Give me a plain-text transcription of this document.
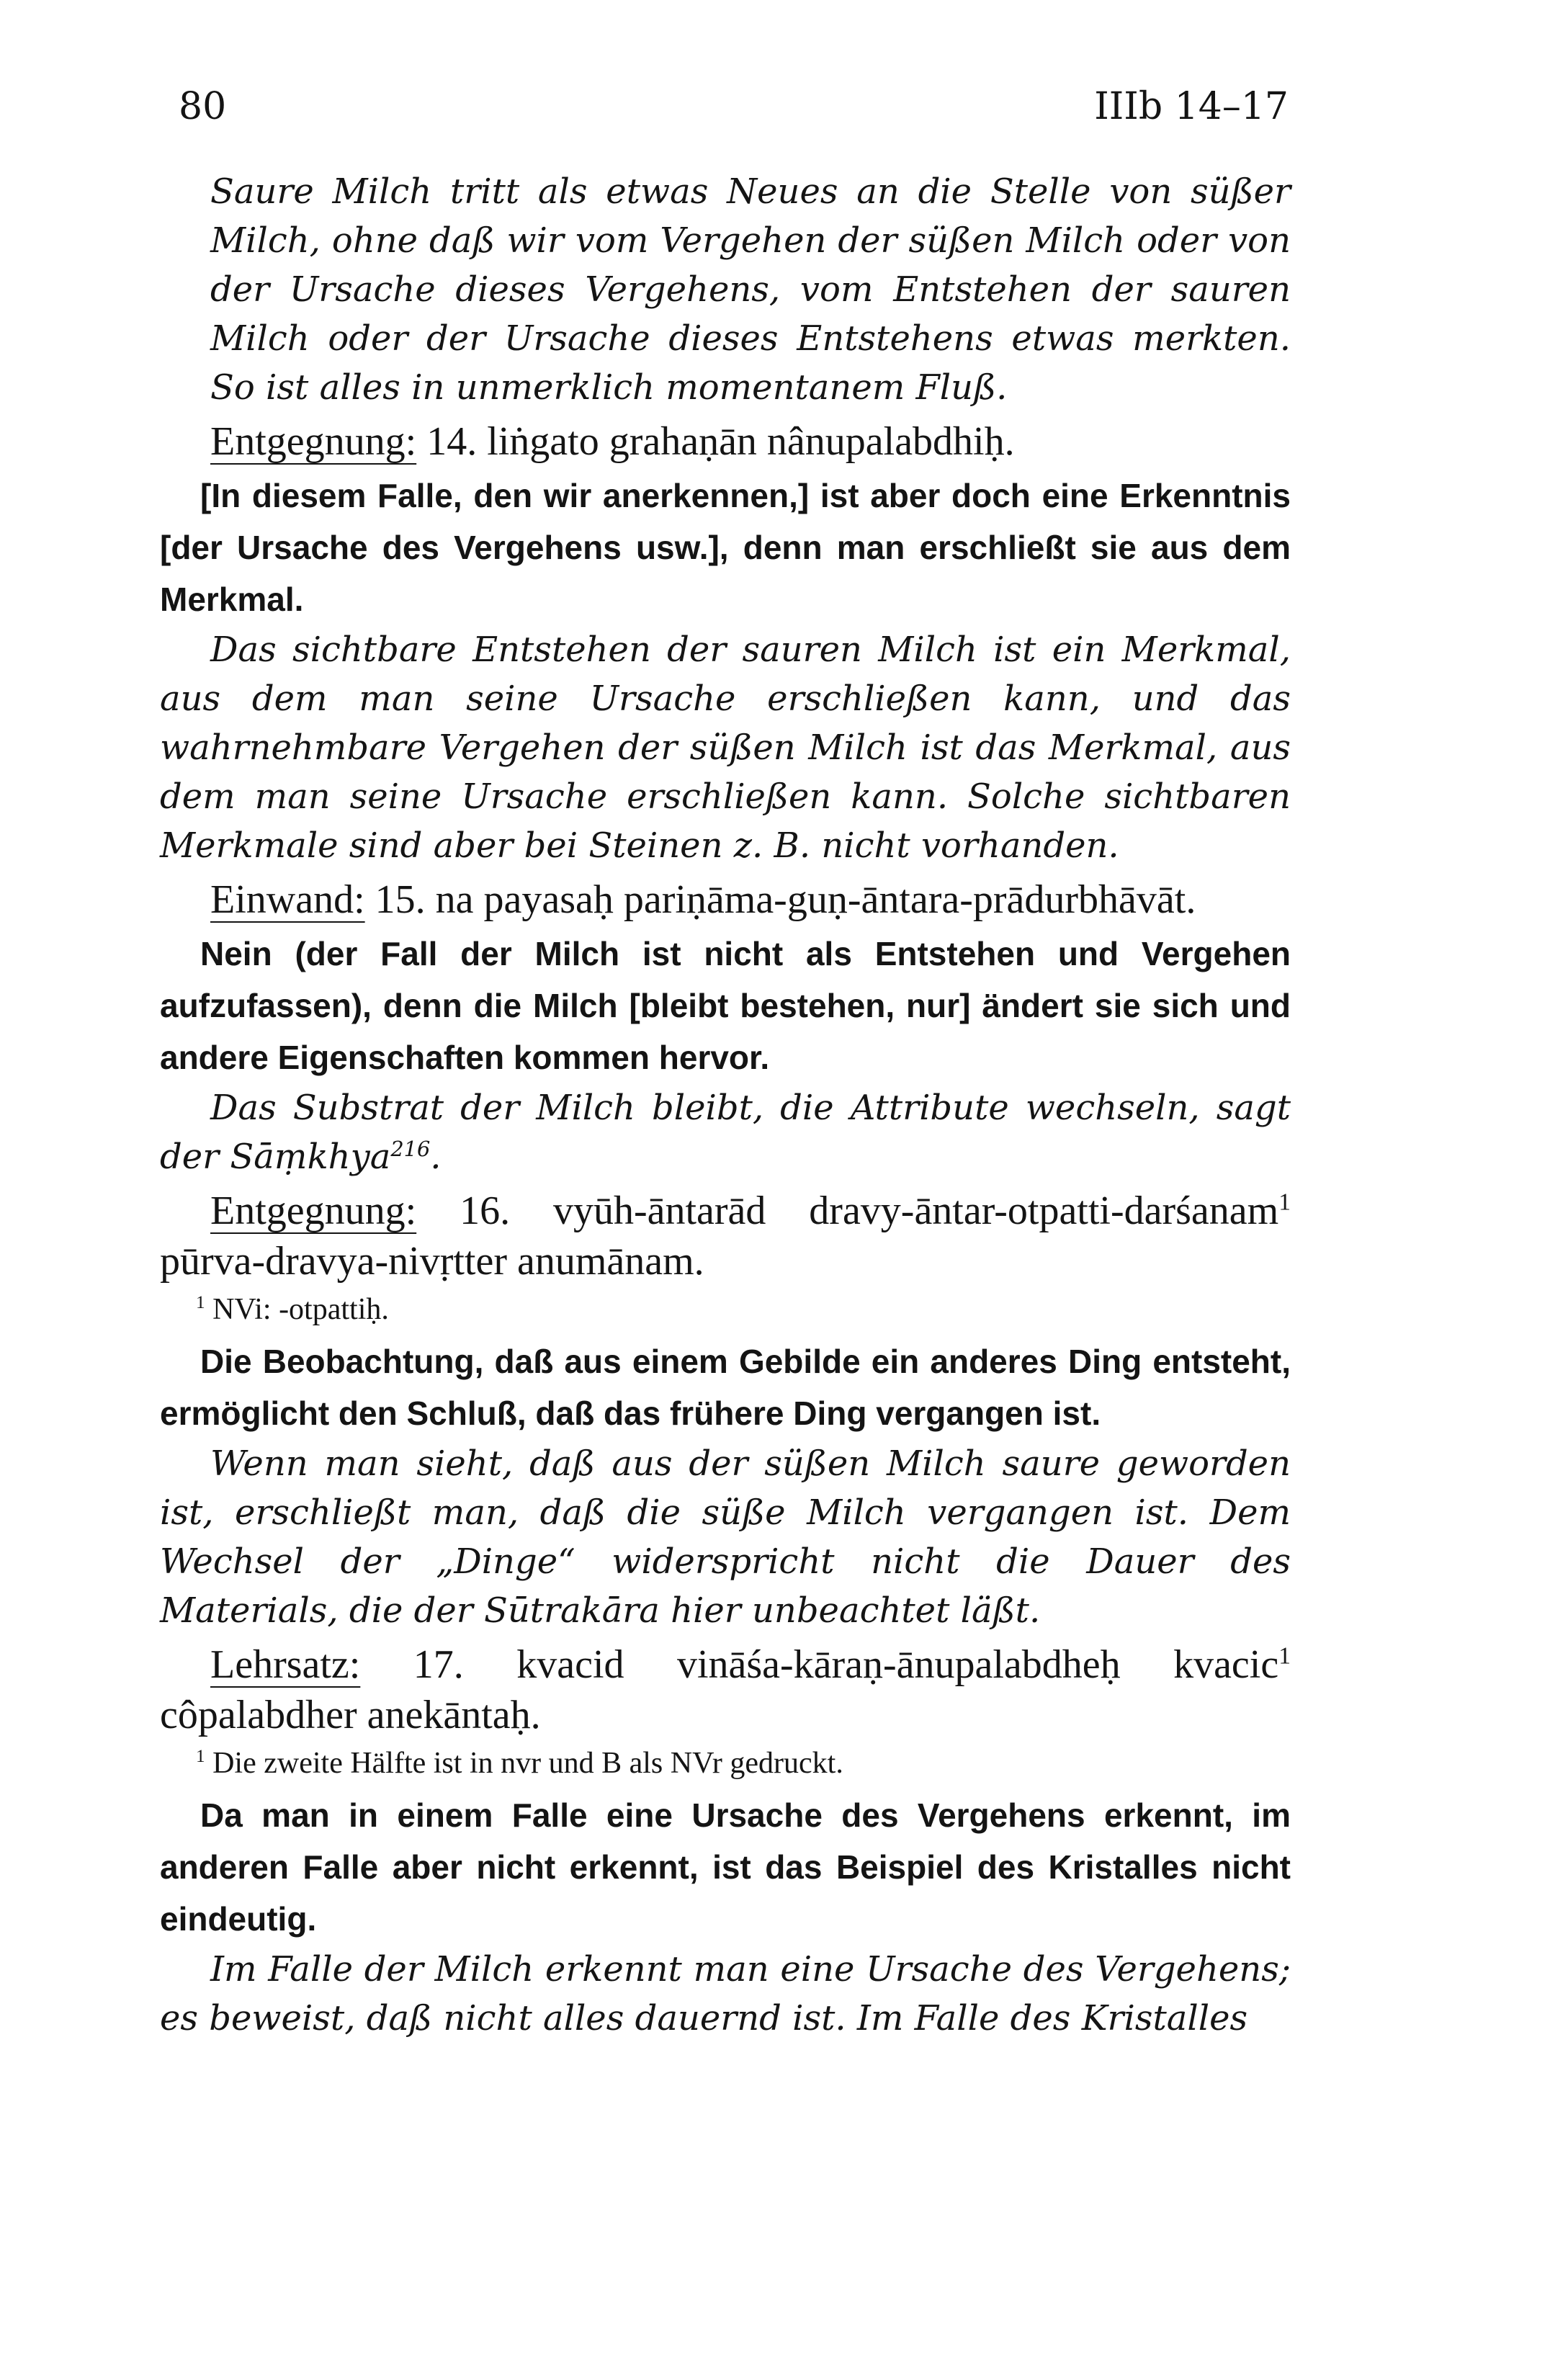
80	IIIb 14–17

Saure Milch tritt als etwas Neues an die Stelle von süßer Milch, ohne daß wir vom Vergehen der süßen Milch oder von der Ursache dieses Vergehens, vom Entstehen der sauren Milch oder der Ursache dieses Entstehens etwas merkten. So ist alles in unmerklich momentanem Fluß.

Entgegnung: 14. liṅgato grahaṇān nânupalabdhiḥ.

[In diesem Falle, den wir anerkennen,] ist aber doch eine Erkenntnis [der Ursache des Vergehens usw.], denn man erschließt sie aus dem Merkmal.

Das sichtbare Entstehen der sauren Milch ist ein Merkmal, aus dem man seine Ursache erschließen kann, und das wahrnehmbare Vergehen der süßen Milch ist das Merkmal, aus dem man seine Ursache erschließen kann. Solche sichtbaren Merkmale sind aber bei Steinen z. B. nicht vorhanden.

Einwand: 15. na payasaḥ pariṇāma-guṇ-āntara-prādurbhāvāt.

Nein (der Fall der Milch ist nicht als Entstehen und Vergehen aufzufassen), denn die Milch [bleibt bestehen, nur] ändert sie sich und andere Eigenschaften kommen hervor.

Das Substrat der Milch bleibt, die Attribute wechseln, sagt der Sāṃkhya$^{216}$.

Entgegnung: 16. vyūh-āntarād dravy-āntar-otpatti-darśanam$^1$ pūrva-dravya-nivṛtter anumānam.

$^1$ NVi: -otpattiḥ.

Die Beobachtung, daß aus einem Gebilde ein anderes Ding entsteht, ermöglicht den Schluß, daß das frühere Ding vergangen ist.

Wenn man sieht, daß aus der süßen Milch saure geworden ist, erschließt man, daß die süße Milch vergangen ist. Dem Wechsel der „Dinge“ widerspricht nicht die Dauer des Materials, die der Sūtrakāra hier unbeachtet läßt.

Lehrsatz: 17. kvacid vināśa-kāraṇ-ānupalabdheḥ kvacic$^1$ côpalabdher anekāntaḥ.

$^1$ Die zweite Hälfte ist in nvr und B als NVr gedruckt.

Da man in einem Falle eine Ursache des Vergehens erkennt, im anderen Falle aber nicht erkennt, ist das Beispiel des Kristalles nicht eindeutig.

Im Falle der Milch erkennt man eine Ursache des Vergehens; es beweist, daß nicht alles dauernd ist. Im Falle des Kristalles
